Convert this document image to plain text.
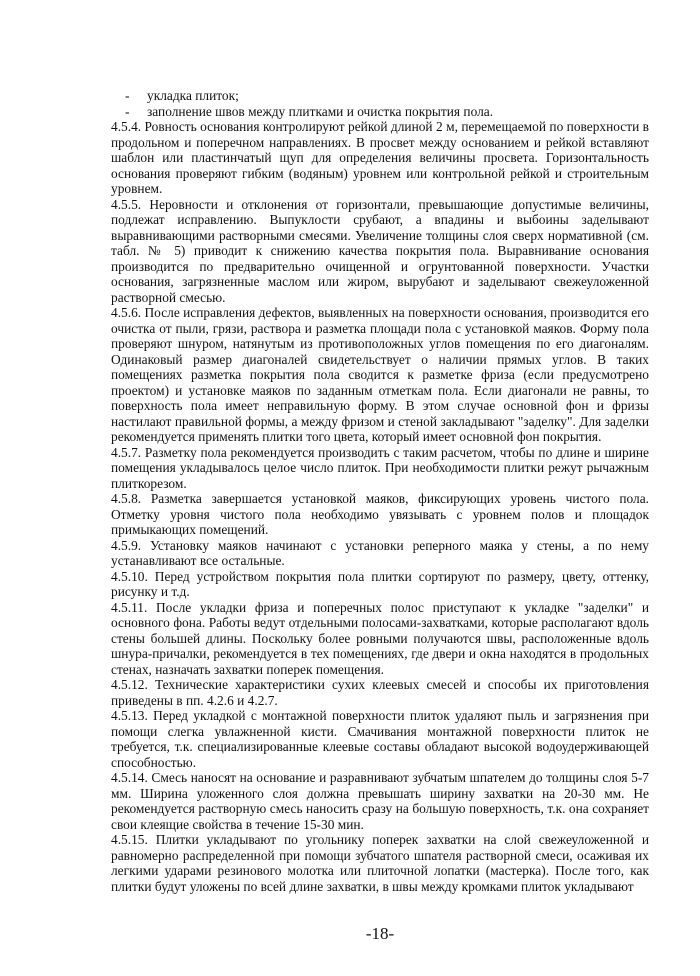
-	укладка плиток;
-	заполнение швов между плитками и очистка покрытия пола.

4.5.4. Ровность основания контролируют рейкой длиной 2 м, перемещаемой по поверхности в продольном и поперечном направлениях. В просвет между основанием и рейкой вставляют шаблон или пластинчатый щуп для определения величины просвета. Горизонтальность основания проверяют гибким (водяным) уровнем или контрольной рейкой и строительным уровнем.

4.5.5. Неровности и отклонения от горизонтали, превышающие допустимые величины, подлежат исправлению. Выпуклости срубают, а впадины и выбоины заделывают выравнивающими растворными смесями. Увеличение толщины слоя сверх нормативной (см. табл. № 5) приводит к снижению качества покрытия пола. Выравнивание основания производится по предварительно очищенной и огрунтованной поверхности. Участки основания, загрязненные маслом или жиром, вырубают и заделывают свежеуложенной растворной смесью.

4.5.6. После исправления дефектов, выявленных на поверхности основания, производится его очистка от пыли, грязи, раствора и разметка площади пола с установкой маяков. Форму пола проверяют шнуром, натянутым из противоположных углов помещения по его диагоналям. Одинаковый размер диагоналей свидетельствует о наличии прямых углов. В таких помещениях разметка покрытия пола сводится к разметке фриза (если предусмотрено проектом) и установке маяков по заданным отметкам пола. Если диагонали не равны, то поверхность пола имеет неправильную форму. В этом случае основной фон и фризы настилают правильной формы, а между фризом и стеной закладывают "заделку". Для заделки рекомендуется применять плитки того цвета, который имеет основной фон покрытия.

4.5.7. Разметку пола рекомендуется производить с таким расчетом, чтобы по длине и ширине помещения укладывалось целое число плиток. При необходимости плитки режут рычажным плиткорезом.

4.5.8. Разметка завершается установкой маяков, фиксирующих уровень чистого пола. Отметку уровня чистого пола необходимо увязывать с уровнем полов и площадок примыкающих помещений.

4.5.9. Установку маяков начинают с установки реперного маяка у стены, а по нему устанавливают все остальные.

4.5.10. Перед устройством покрытия пола плитки сортируют по размеру, цвету, оттенку, рисунку и т.д.

4.5.11. После укладки фриза и поперечных полос приступают к укладке "заделки" и основного фона. Работы ведут отдельными полосами-захватками, которые располагают вдоль стены большей длины. Поскольку более ровными получаются швы, расположенные вдоль шнура-причалки, рекомендуется в тех помещениях, где двери и окна находятся в продольных стенах, назначать захватки поперек помещения.

4.5.12. Технические характеристики сухих клеевых смесей и способы их приготовления приведены в пп. 4.2.6 и 4.2.7.

4.5.13. Перед укладкой с монтажной поверхности плиток удаляют пыль и загрязнения при помощи слегка увлажненной кисти. Смачивания монтажной поверхности плиток не требуется, т.к. специализированные клеевые составы обладают высокой водоудерживающей способностью.

4.5.14. Смесь наносят на основание и разравнивают зубчатым шпателем до толщины слоя 5-7 мм. Ширина уложенного слоя должна превышать ширину захватки на 20-30 мм. Не рекомендуется растворную смесь наносить сразу на большую поверхность, т.к. она сохраняет свои клеящие свойства в течение 15-30 мин.

4.5.15. Плитки укладывают по угольнику поперек захватки на слой свежеуложенной и равномерно распределенной при помощи зубчатого шпателя растворной смеси, осаживая их легкими ударами резинового молотка или плиточной лопатки (мастерка). После того, как плитки будут уложены по всей длине захватки, в швы между кромками плиток укладывают

-18-
